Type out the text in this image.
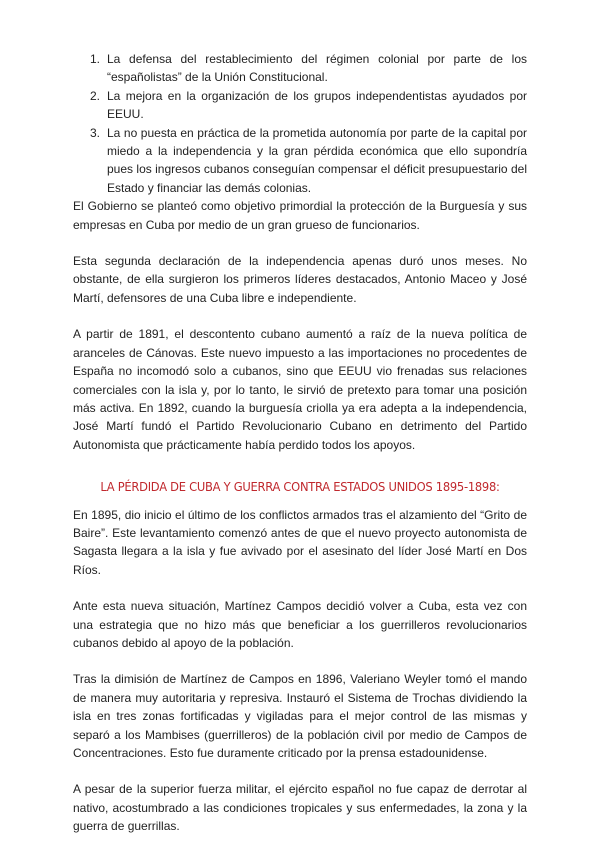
1. La defensa del restablecimiento del régimen colonial por parte de los “españolistas” de la Unión Constitucional.
2. La mejora en la organización de los grupos independentistas ayudados por EEUU.
3. La no puesta en práctica de la prometida autonomía por parte de la capital por miedo a la independencia y la gran pérdida económica que ello supondría pues los ingresos cubanos conseguían compensar el déficit presupuestario del Estado y financiar las demás colonias.

El Gobierno se planteó como objetivo primordial la protección de la Burguesía y sus empresas en Cuba por medio de un gran grueso de funcionarios.

Esta segunda declaración de la independencia apenas duró unos meses. No obstante, de ella surgieron los primeros líderes destacados, Antonio Maceo y José Martí, defensores de una Cuba libre e independiente.

A partir de 1891, el descontento cubano aumentó a raíz de la nueva política de aranceles de Cánovas. Este nuevo impuesto a las importaciones no procedentes de España no incomodó solo a cubanos, sino que EEUU vio frenadas sus relaciones comerciales con la isla y, por lo tanto, le sirvió de pretexto para tomar una posición más activa. En 1892, cuando la burguesía criolla ya era adepta a la independencia, José Martí fundó el Partido Revolucionario Cubano en detrimento del Partido Autonomista que prácticamente había perdido todos los apoyos.

LA PÉRDIDA DE CUBA Y GUERRA CONTRA ESTADOS UNIDOS 1895-1898:

En 1895, dio inicio el último de los conflictos armados tras el alzamiento del “Grito de Baire”. Este levantamiento comenzó antes de que el nuevo proyecto autonomista de Sagasta llegara a la isla y fue avivado por el asesinato del líder José Martí en Dos Ríos.

Ante esta nueva situación, Martínez Campos decidió volver a Cuba, esta vez con una estrategia que no hizo más que beneficiar a los guerrilleros revolucionarios cubanos debido al apoyo de la población.

Tras la dimisión de Martínez de Campos en 1896, Valeriano Weyler tomó el mando de manera muy autoritaria y represiva. Instauró el Sistema de Trochas dividiendo la isla en tres zonas fortificadas y vigiladas para el mejor control de las mismas y separó a los Mambises (guerrilleros) de la población civil por medio de Campos de Concentraciones. Esto fue duramente criticado por la prensa estadounidense.

A pesar de la superior fuerza militar, el ejército español no fue capaz de derrotar al nativo, acostumbrado a las condiciones tropicales y sus enfermedades, la zona y la guerra de guerrillas.
